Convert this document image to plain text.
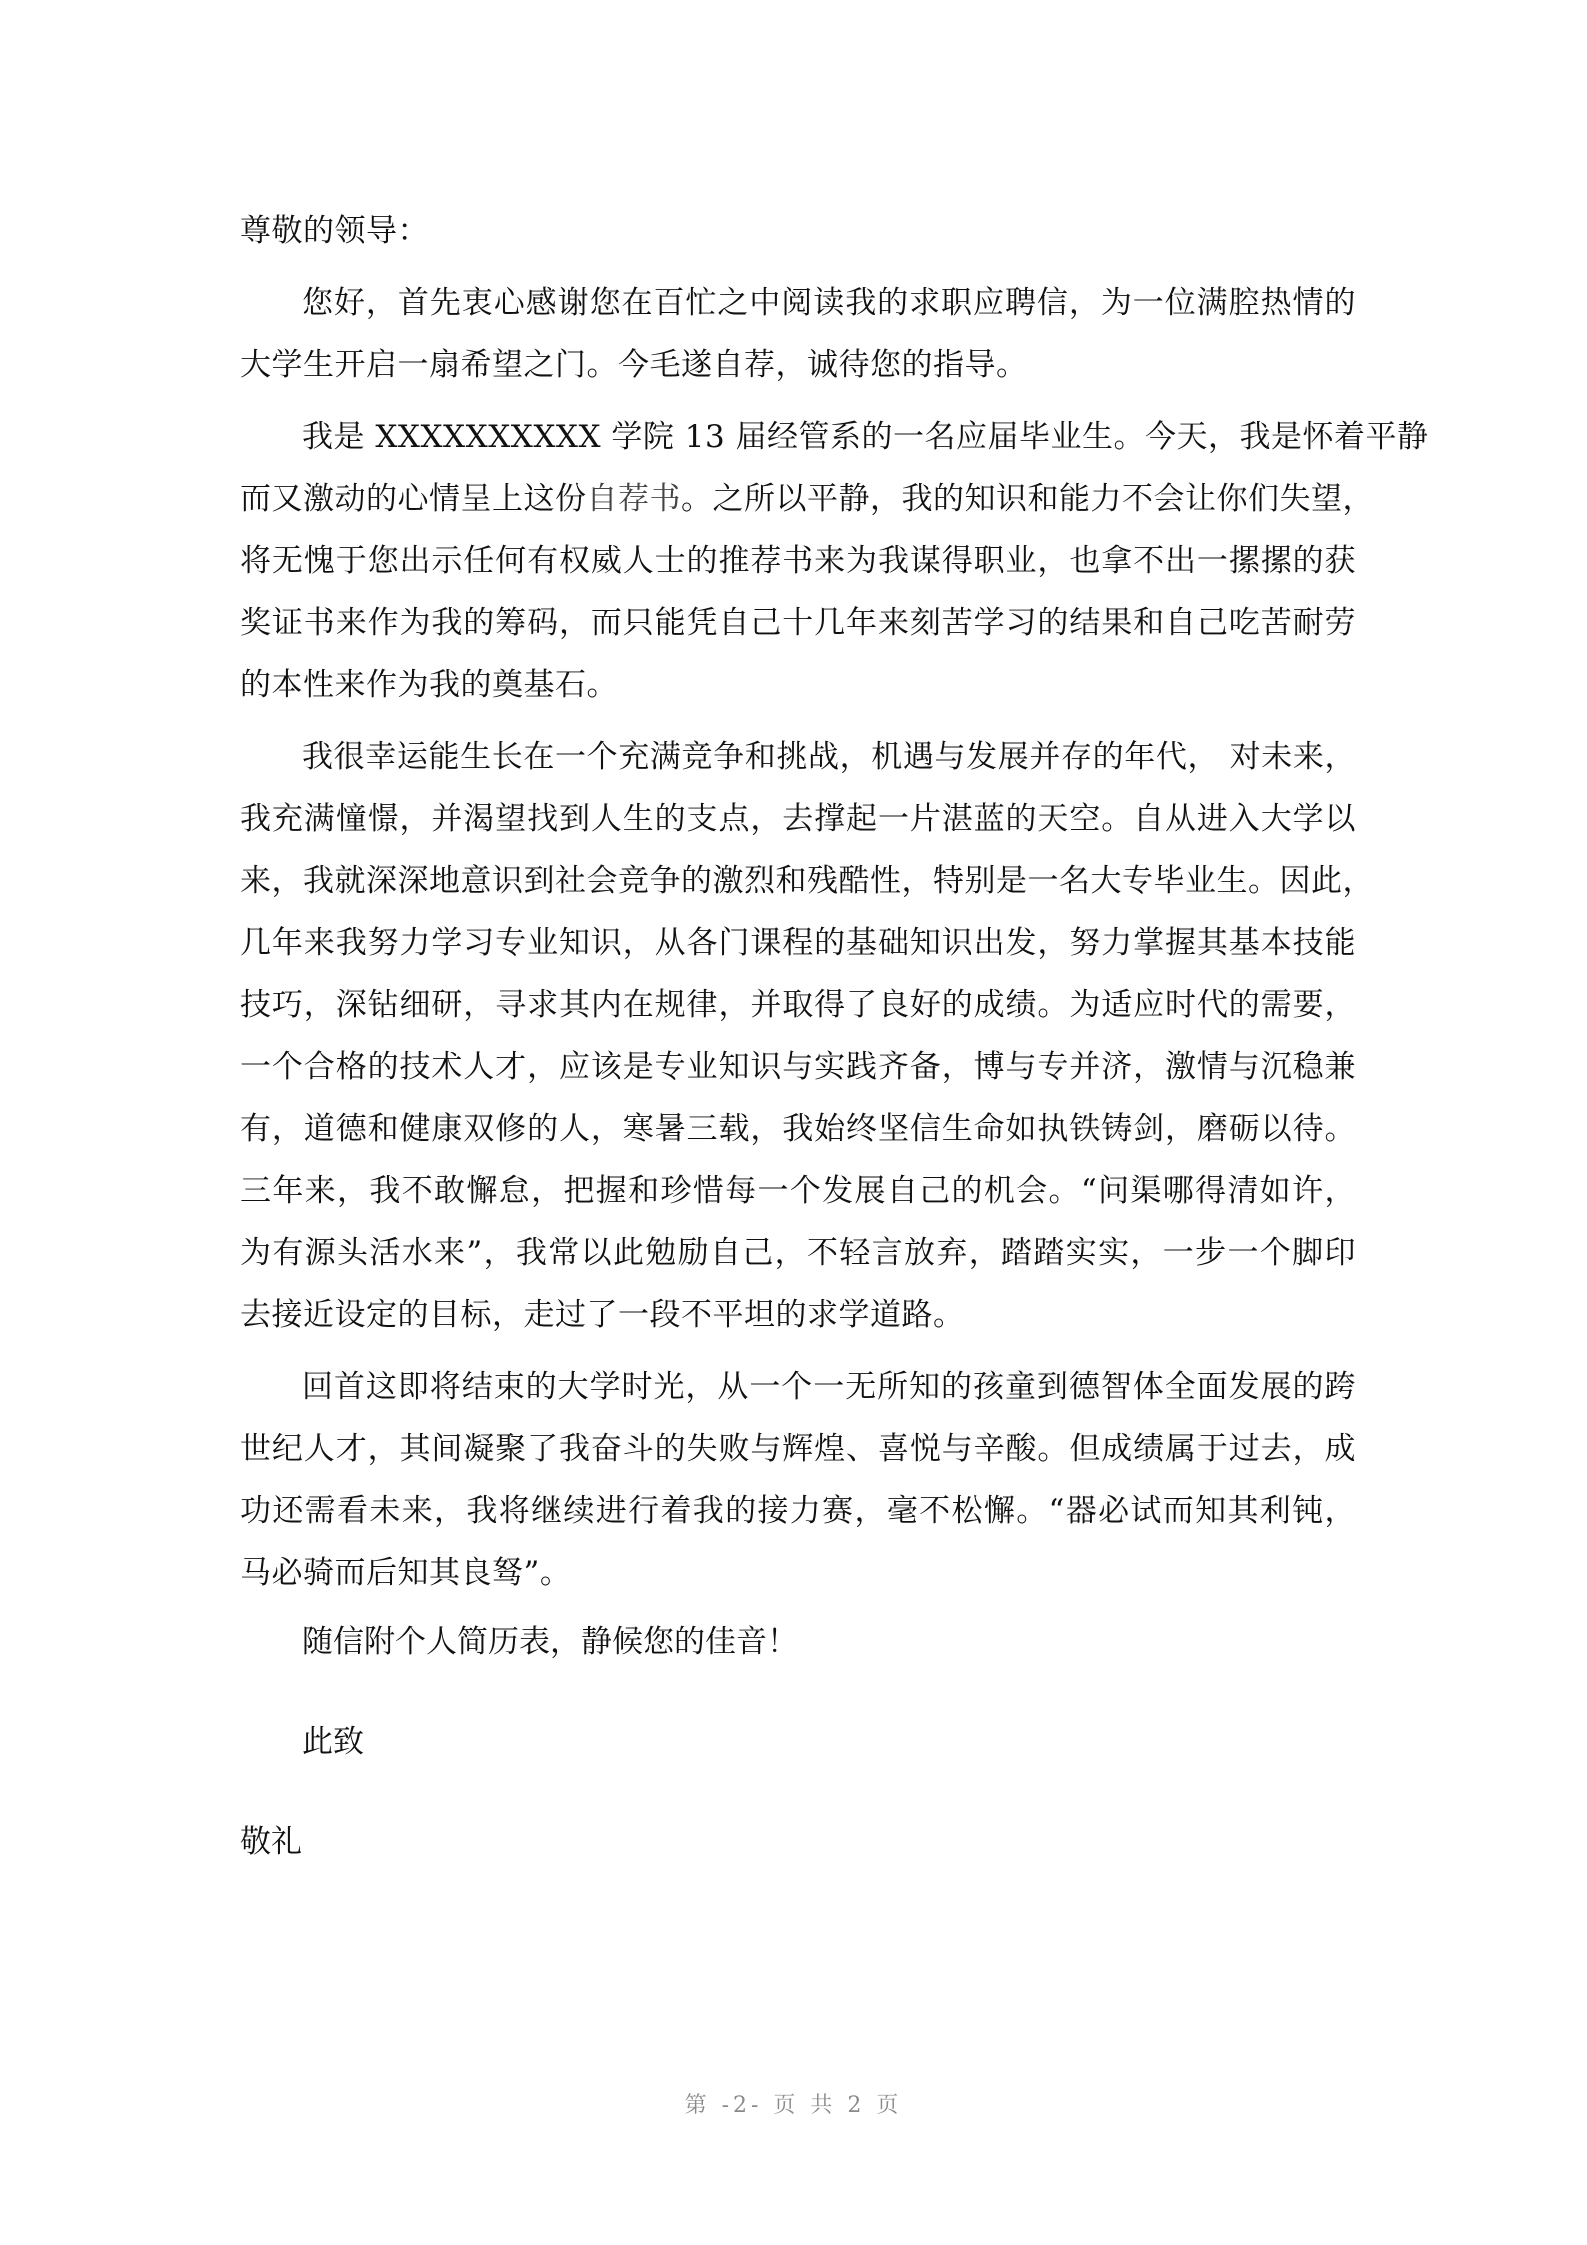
尊敬的领导：
您好，首先衷心感谢您在百忙之中阅读我的求职应聘信，为一位满腔热情的
大学生开启一扇希望之门。今毛遂自荐，诚待您的指导。
我是 XXXXXXXXXX 学院 13 届经管系的一名应届毕业生。今天，我是怀着平静
而又激动的心情呈上这份自荐书。之所以平静，我的知识和能力不会让你们失望，
将无愧于您出示任何有权威人士的推荐书来为我谋得职业，也拿不出一摞摞的获
奖证书来作为我的筹码，而只能凭自己十几年来刻苦学习的结果和自己吃苦耐劳
的本性来作为我的奠基石。
我很幸运能生长在一个充满竞争和挑战，机遇与发展并存的年代， 对未来，
我充满憧憬，并渴望找到人生的支点，去撑起一片湛蓝的天空。自从进入大学以
来，我就深深地意识到社会竞争的激烈和残酷性，特别是一名大专毕业生。因此，
几年来我努力学习专业知识，从各门课程的基础知识出发，努力掌握其基本技能
技巧，深钻细研，寻求其内在规律，并取得了良好的成绩。为适应时代的需要，
一个合格的技术人才，应该是专业知识与实践齐备，博与专并济，激情与沉稳兼
有，道德和健康双修的人，寒暑三载，我始终坚信生命如执铁铸剑，磨砺以待。
三年来，我不敢懈怠，把握和珍惜每一个发展自己的机会。“问渠哪得清如许，
为有源头活水来”，我常以此勉励自己，不轻言放弃，踏踏实实，一步一个脚印
去接近设定的目标，走过了一段不平坦的求学道路。
回首这即将结束的大学时光，从一个一无所知的孩童到德智体全面发展的跨
世纪人才，其间凝聚了我奋斗的失败与辉煌、喜悦与辛酸。但成绩属于过去，成
功还需看未来，我将继续进行着我的接力赛，毫不松懈。“器必试而知其利钝，
马必骑而后知其良驽”。
随信附个人简历表，静候您的佳音！
此致
敬礼
第 -2- 页 共 2 页
